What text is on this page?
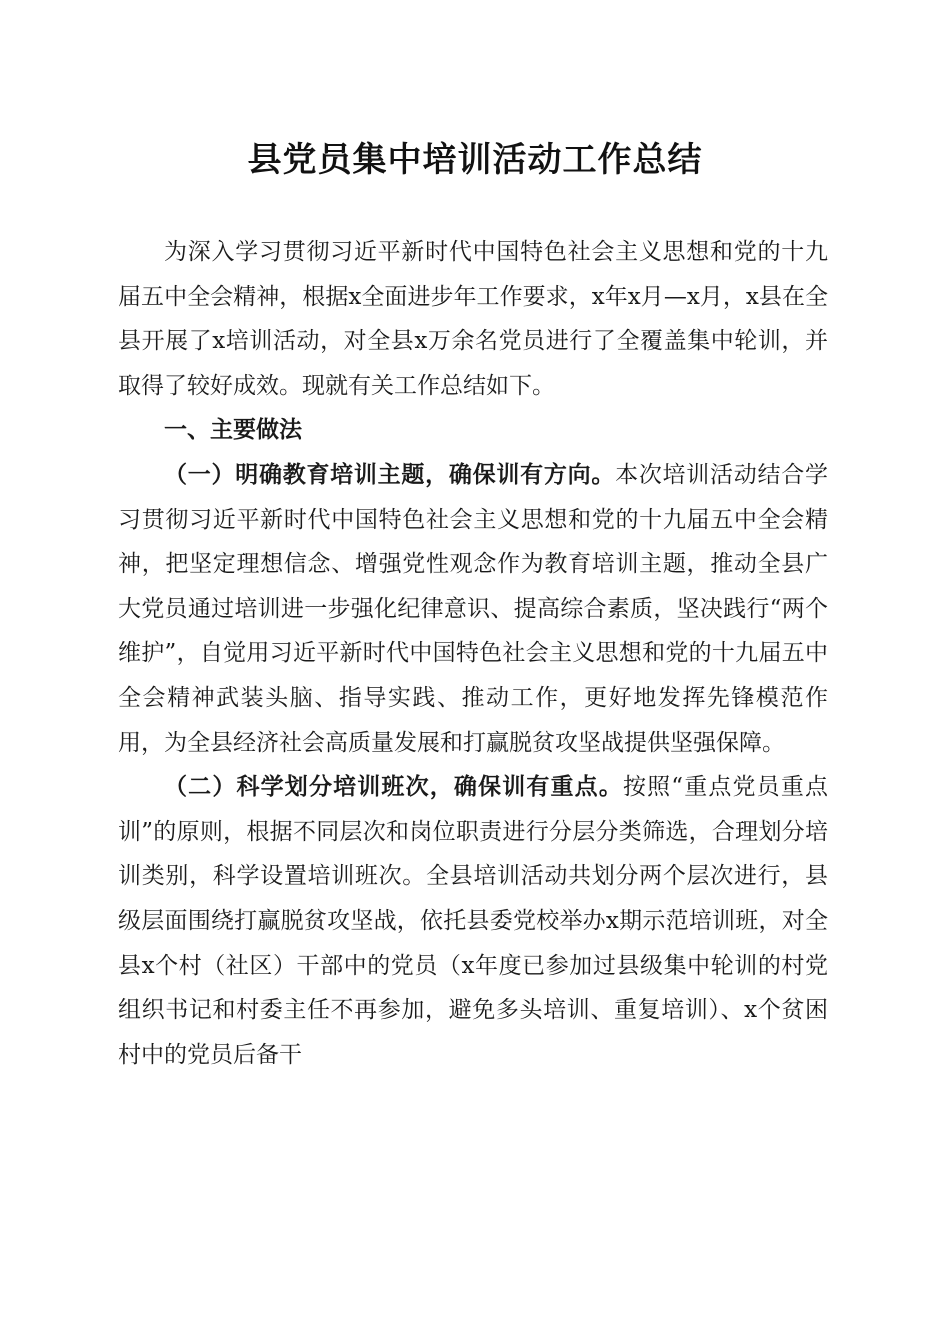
县党员集中培训活动工作总结

为深入学习贯彻习近平新时代中国特色社会主义思想和党的十九届五中全会精神，根据x全面进步年工作要求，x年x月—x月，x县在全县开展了x培训活动，对全县x万余名党员进行了全覆盖集中轮训，并取得了较好成效。现就有关工作总结如下。

一、主要做法

（一）明确教育培训主题，确保训有方向。本次培训活动结合学习贯彻习近平新时代中国特色社会主义思想和党的十九届五中全会精神，把坚定理想信念、增强党性观念作为教育培训主题，推动全县广大党员通过培训进一步强化纪律意识、提高综合素质，坚决践行“两个维护”，自觉用习近平新时代中国特色社会主义思想和党的十九届五中全会精神武装头脑、指导实践、推动工作，更好地发挥先锋模范作用，为全县经济社会高质量发展和打赢脱贫攻坚战提供坚强保障。

（二）科学划分培训班次，确保训有重点。按照“重点党员重点训”的原则，根据不同层次和岗位职责进行分层分类筛选，合理划分培训类别，科学设置培训班次。全县培训活动共划分两个层次进行，县级层面围绕打赢脱贫攻坚战，依托县委党校举办x期示范培训班，对全县x个村（社区）干部中的党员（x年度已参加过县级集中轮训的村党组织书记和村委主任不再参加，避免多头培训、重复培训）、x个贫困村中的党员后备干
